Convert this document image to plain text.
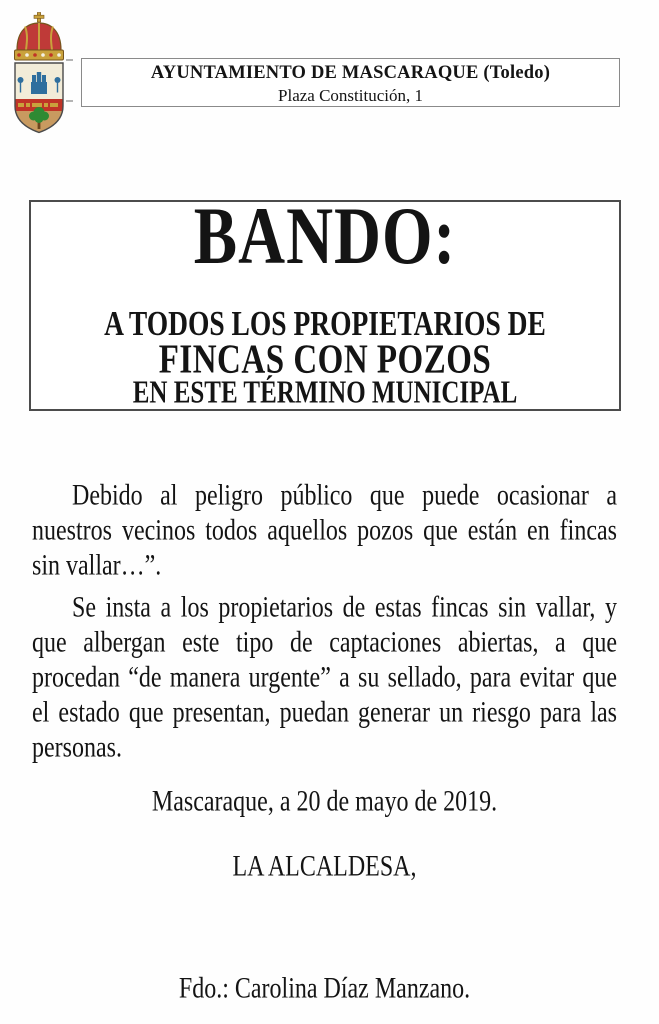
AYUNTAMIENTO DE MASCARAQUE (Toledo)
Plaza Constitución, 1
BANDO:
A TODOS LOS PROPIETARIOS DE
FINCAS CON POZOS
EN ESTE TÉRMINO MUNICIPAL
Debido al peligro público que puede ocasionar a
nuestros vecinos todos aquellos pozos que están en fincas
sin vallar…”.
Se insta a los propietarios de estas fincas sin vallar, y
que albergan este tipo de captaciones abiertas, a que
procedan “de manera urgente” a su sellado, para evitar que
el estado que presentan, puedan generar un riesgo para las
personas.
Mascaraque, a 20 de mayo de 2019.
LA ALCALDESA,
Fdo.: Carolina Díaz Manzano.
